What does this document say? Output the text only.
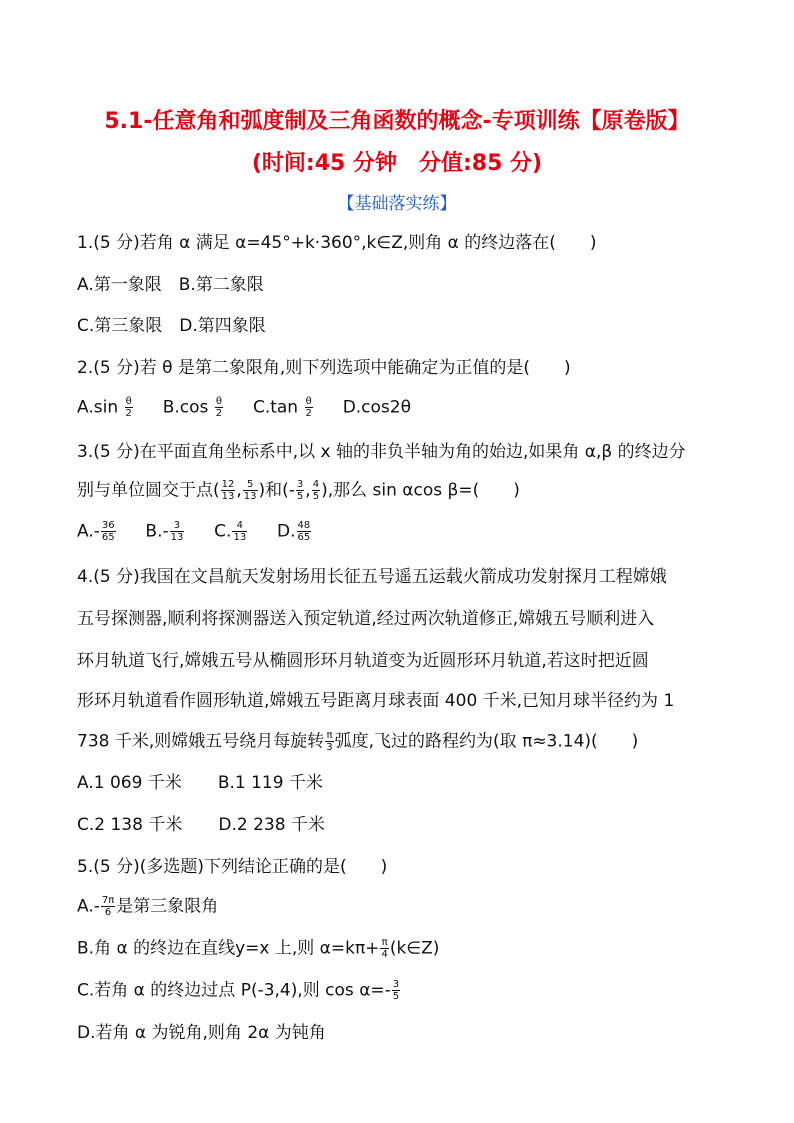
5.1-任意角和弧度制及三角函数的概念-专项训练【原卷版】
(时间:45 分钟　分值:85 分)
【基础落实练】
1.(5 分)若角 α 满足 α=45°+k·360°,k∈Z,则角 α 的终边落在(　　)
A.第一象限　B.第二象限
C.第三象限　D.第四象限
2.(5 分)若 θ 是第二象限角,则下列选项中能确定为正值的是(　　)
$A.\sin \frac{\theta}{2} B.\cos \frac{\theta}{2} C.\tan \frac{\theta}{2} D.\cos 2\theta$
3.(5 分)在平面直角坐标系中,以 x 轴的非负半轴为角的始边,如果角 α,β 的终边分
别与单位圆交于点( $\frac{12}{13}$ , $\frac{5}{13}$ )和(- $\frac{3}{5}$ , $\frac{4}{5}$ ),那么 sin αcos β=(　　)
$A.- \frac{36}{65} B.- \frac{3}{13} C$. $\frac{4}{13} D$. $\frac{48}{65}$
4.(5 分)我国在文昌航天发射场用长征五号遥五运载火箭成功发射探月工程嫦娥
五号探测器,顺利将探测器送入预定轨道,经过两次轨道修正,嫦娥五号顺利进入
环月轨道飞行,嫦娥五号从椭圆形环月轨道变为近圆形环月轨道,若这时把近圆
形环月轨道看作圆形轨道,嫦娥五号距离月球表面 400 千米,已知月球半径约为 1
738 千米,则嫦娥五号绕月每旋转 $\frac{\pi}{3}$ 弧度,飞过的路程约为(取 π≈3.14)(　　)
A.1 069 千米 B.1 119 千米
C.2 138 千米 D.2 238 千米
5.(5 分)(多选题)下列结论正确的是(　　)
$A.- \frac{7\pi}{6}$ 是第三象限角
B.角 α 的终边在直线y=x 上,则 $\alpha=k\pi+ \frac{\pi}{4}$ (k∈Z)
C.若角 α 的终边过点 P(-3,4),则 $\cos \alpha=- \frac{3}{5}$
D.若角 α 为锐角,则角 2α 为钝角
